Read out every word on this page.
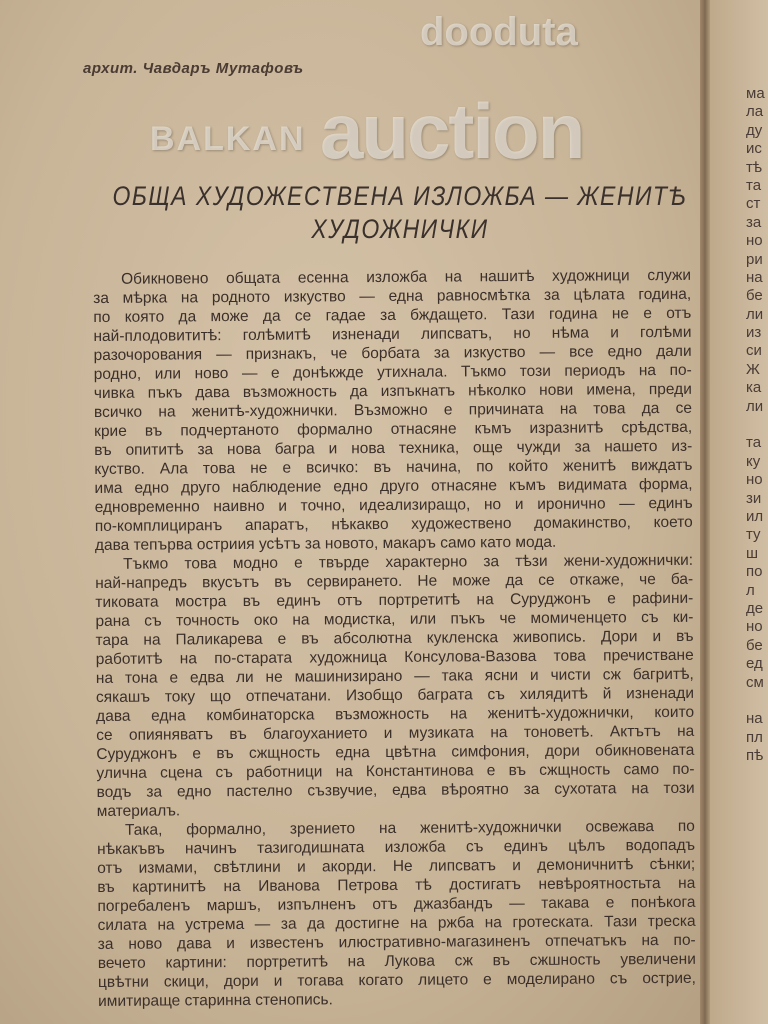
ма
ла
ду
ис
тѣ
та
ст
за
но
ри
на
бе
ли
из
си
Ж
ка
ли
та
ку
но
зи
ил
ту
ш
по
л
де
но
бе
ед
см
на
пл
пѣ
архит. Чавдаръ Мутафовъ
ОБЩА ХУДОЖЕСТВЕНА ИЗЛОЖБА — ЖЕНИТѢ
ХУДОЖНИЧКИ
Обикновено общата есенна изложба на нашитѣ художници служи
за мѣрка на родното изкуство — една равносмѣтка за цѣлата година,
по която да може да се гадае за бждащето. Тази година не е отъ
най-плодовититѣ: голѣмитѣ изненади липсватъ, но нѣма и голѣми
разочорования — признакъ, че борбата за изкуство — все едно дали
родно, или ново — е донѣкжде утихнала. Тъкмо този периодъ на по-
чивка пъкъ дава възможность да изпъкнатъ нѣколко нови имена, преди
всичко на женитѣ-художнички. Възможно е причината на това да се
крие въ подчертаното формално отнасяне къмъ изразнитѣ срѣдства,
въ опититѣ за нова багра и нова техника, още чужди за нашето из-
куство. Ала това не е всичко: въ начина, по който женитѣ виждатъ
има едно друго наблюдение едно друго отнасяне къмъ видимата форма,
едновременно наивно и точно, идеализиращо, но и иронично — единъ
по-комплициранъ апаратъ, нѣкакво художествено домакинство, което
дава тепърва остриия усѣтъ за новото, макаръ само като мода.
Тъкмо това модно е твърде характерно за тѣзи жени-художнички:
най-напредъ вкусътъ въ сервирането. Не може да се откаже, че ба-
тиковата мостра въ единъ отъ портретитѣ на Суруджонъ е рафини-
рана съ точность око на модистка, или пъкъ че момиченцето съ ки-
тара на Паликарева е въ абсолютна кукленска живопись. Дори и въ
работитѣ на по-старата художница Консулова-Вазова това пречистване
на тона е едва ли не машинизирано — така ясни и чисти сж багритѣ,
сякашъ току що отпечатани. Изобщо баграта съ хилядитѣ й изненади
дава една комбинаторска възможность на женитѣ-художнички, които
се опияняватъ въ благоуханието и музиката на тоноветѣ. Актътъ на
Суруджонъ е въ сжщность една цвѣтна симфония, дори обикновената
улична сцена съ работници на Константинова е въ сжщность само по-
водъ за едно пастелно съзвучие, едва вѣроятно за сухотата на този
материалъ.
Така, формално, зрението на женитѣ-художнички освежава по
нѣкакъвъ начинъ тазигодишната изложба съ единъ цѣлъ водопадъ
отъ измами, свѣтлини и акорди. Не липсватъ и демоничнитѣ сѣнки;
въ картинитѣ на Иванова Петрова тѣ достигатъ невѣроятностьта на
погребаленъ маршъ, изпълненъ отъ джазбандъ — такава е понѣкога
силата на устрема — за да достигне на ржба на гротеската. Тази треска
за ново дава и известенъ илюстративно-магазиненъ отпечатъкъ на по-
вечето картини: портретитѣ на Лукова сж въ сжшность увеличени
цвѣтни скици, дори и тогава когато лицето е моделирано съ острие,
имитираще старинна стенопись.
BALKAN auction
dooduta
